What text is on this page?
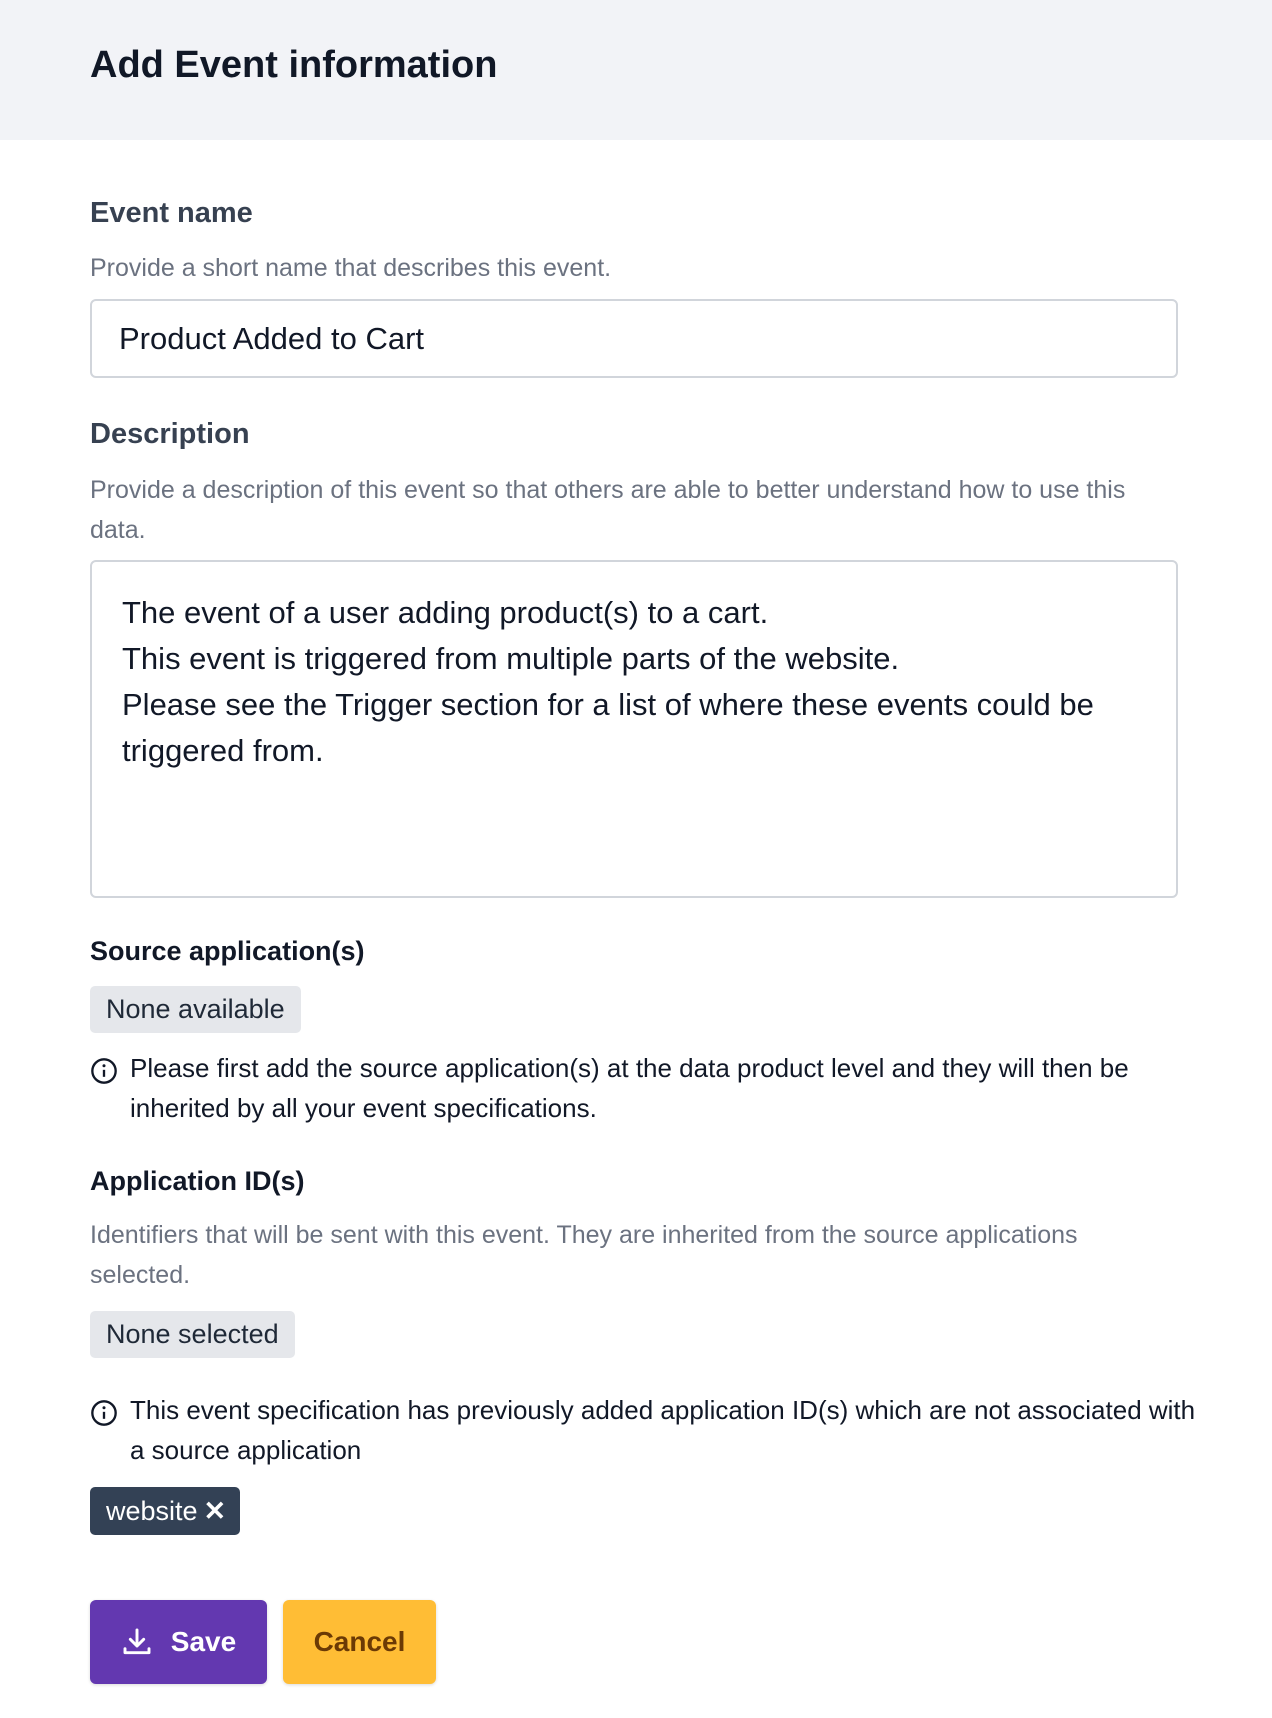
Add Event information
Event name
Provide a short name that describes this event.
Product Added to Cart
Description
Provide a description of this event so that others are able to better understand how to use this data.
The event of a user adding product(s) to a cart.
This event is triggered from multiple parts of the website.
Please see the Trigger section for a list of where these events could be triggered from.
Source application(s)
None available
Please first add the source application(s) at the data product level and they will then be inherited by all your event specifications.
Application ID(s)
Identifiers that will be sent with this event. They are inherited from the source applications selected.
None selected
This event specification has previously added application ID(s) which are not associated with a source application
website ✕
Save	Cancel
